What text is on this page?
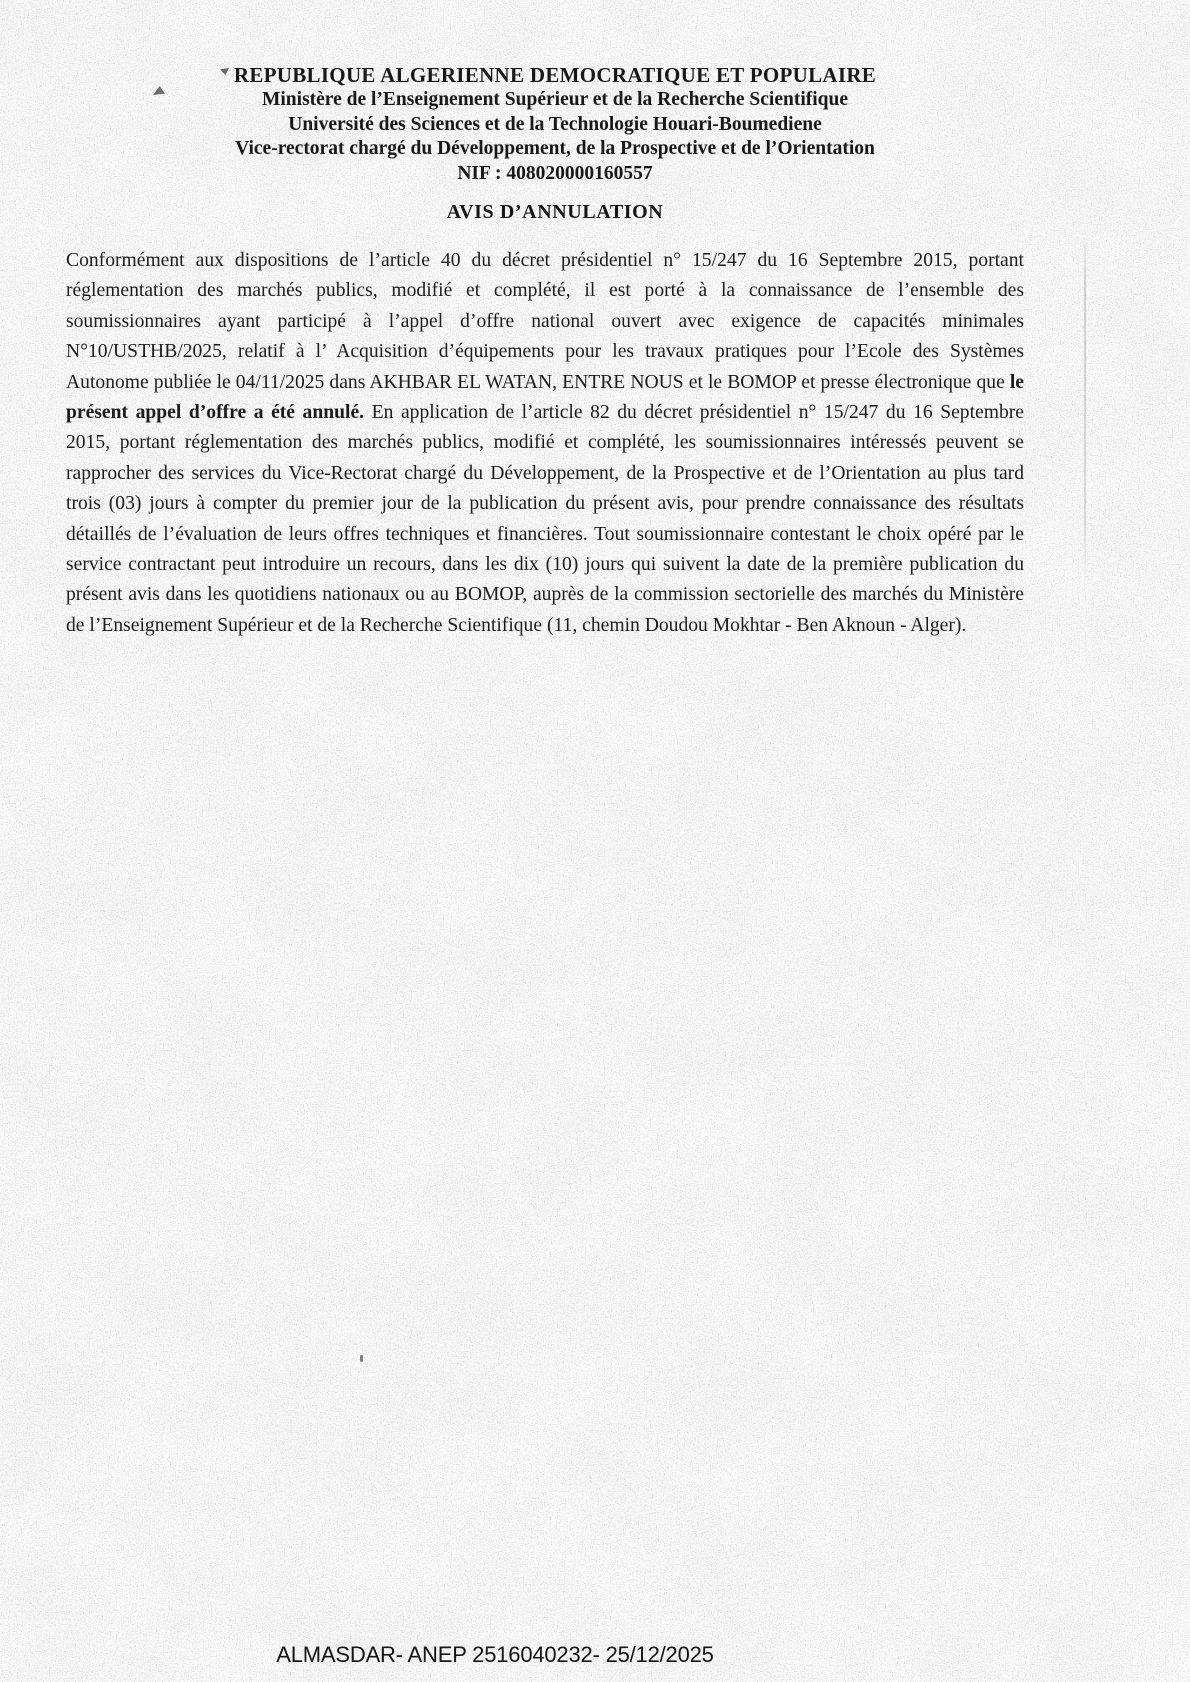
REPUBLIQUE ALGERIENNE DEMOCRATIQUE ET POPULAIRE
Ministère de l’Enseignement Supérieur et de la Recherche Scientifique
Université des Sciences et de la Technologie Houari-Boumediene
Vice-rectorat chargé du Développement, de la Prospective et de l’Orientation
NIF : 408020000160557
AVIS D’ANNULATION

Conformément aux dispositions de l’article 40 du décret présidentiel n° 15/247 du 16 Septembre 2015, portant réglementation des marchés publics, modifié et complété, il est porté à la connaissance de l’ensemble des soumissionnaires ayant participé à l’appel d’offre national ouvert avec exigence de capacités minimales N°10/USTHB/2025, relatif à l’ Acquisition d’équipements pour les travaux pratiques pour l’Ecole des Systèmes Autonome publiée le 04/11/2025 dans AKHBAR EL WATAN, ENTRE NOUS et le BOMOP et presse électronique que le présent appel d’offre a été annulé. En application de l’article 82 du décret présidentiel n° 15/247 du 16 Septembre 2015, portant réglementation des marchés publics, modifié et complété, les soumissionnaires intéressés peuvent se rapprocher des services du Vice-Rectorat chargé du Développement, de la Prospective et de l’Orientation au plus tard trois (03) jours à compter du premier jour de la publication du présent avis, pour prendre connaissance des résultats détaillés de l’évaluation de leurs offres techniques et financières. Tout soumissionnaire contestant le choix opéré par le service contractant peut introduire un recours, dans les dix (10) jours qui suivent la date de la première publication du présent avis dans les quotidiens nationaux ou au BOMOP, auprès de la commission sectorielle des marchés du Ministère de l’Enseignement Supérieur et de la Recherche Scientifique (11, chemin Doudou Mokhtar - Ben Aknoun - Alger).

ALMASDAR- ANEP 2516040232- 25/12/2025
